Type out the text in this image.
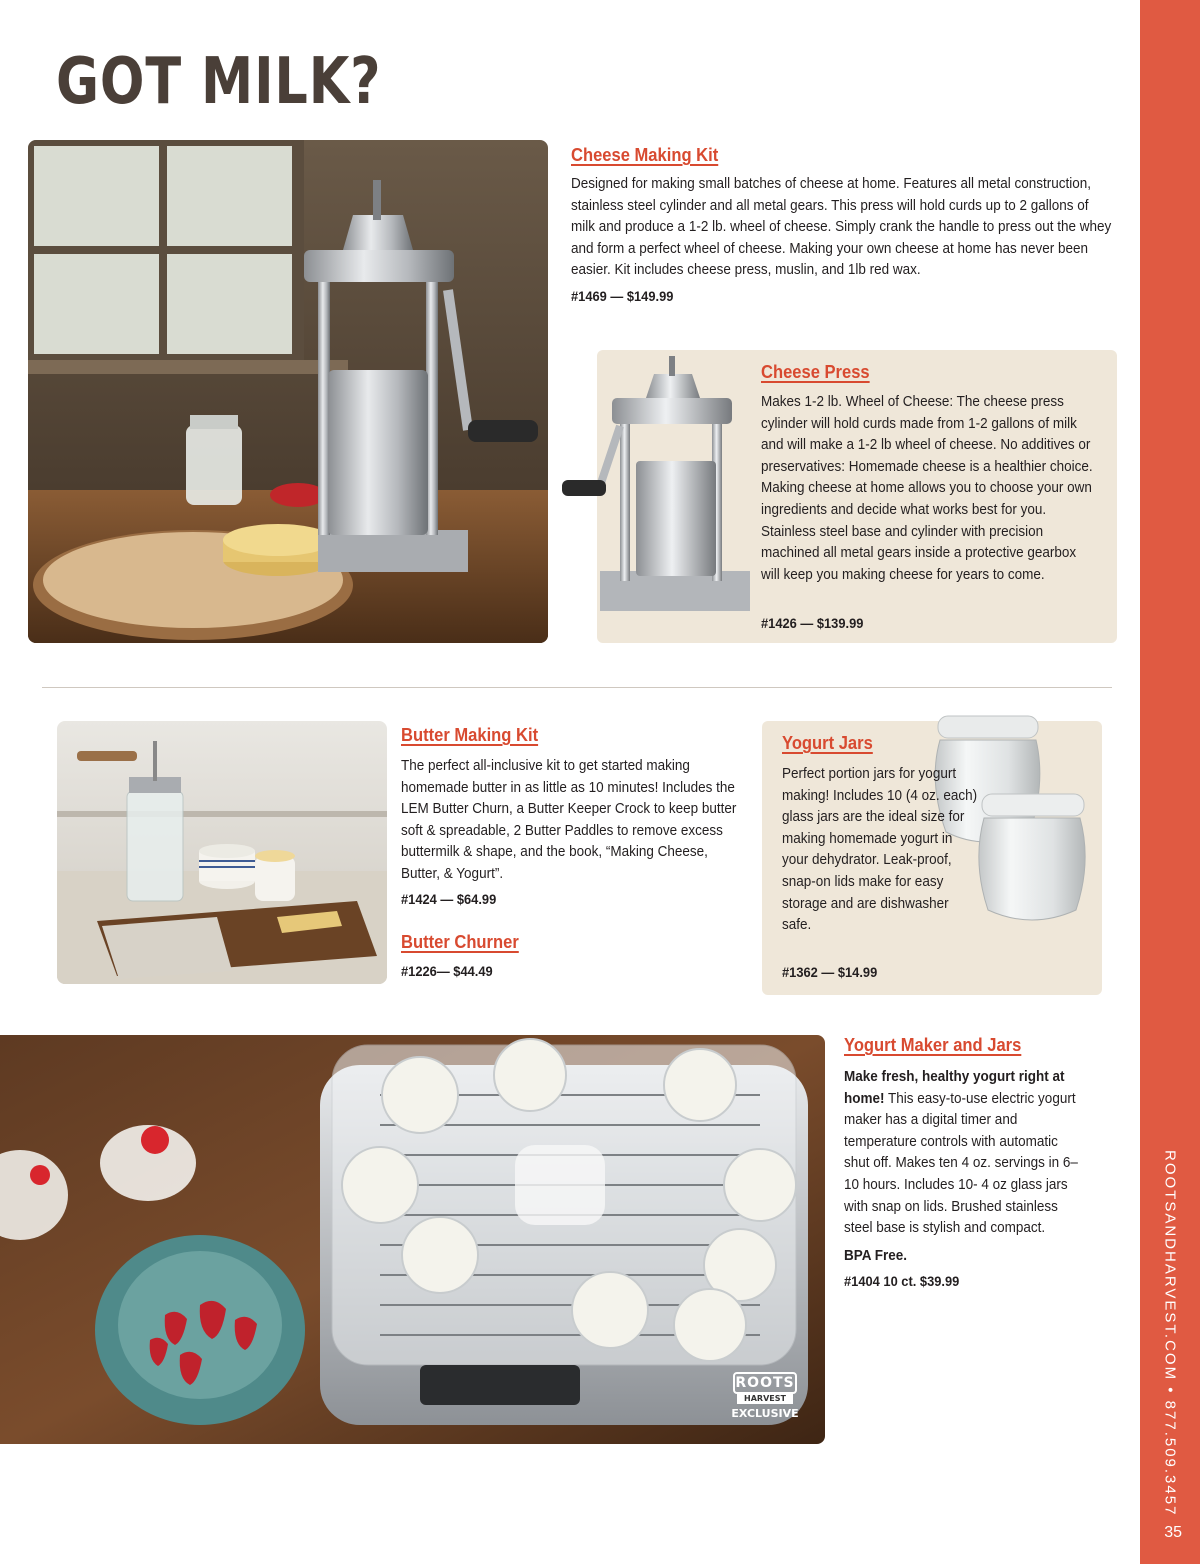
GOT MILK?
ROOTSANDHARVEST.COM • 877.509.3457
35
Cheese Making Kit
Designed for making small batches of cheese at home. Features all metal construction, stainless steel cylinder and all metal gears. This press will hold curds up to 2 gallons of milk and produce a 1-2 lb. wheel of cheese. Simply crank the handle to press out the whey and form a perfect wheel of cheese. Making your own cheese at home has never been easier. Kit includes cheese press, muslin, and 1lb red wax.
#1469 — $149.99
Cheese Press
Makes 1-2 lb. Wheel of Cheese: The cheese press cylinder will hold curds made from 1-2 gallons of milk and will make a 1-2 lb wheel of cheese. No additives or preservatives: Homemade cheese is a healthier choice. Making cheese at home allows you to choose your own ingredients and decide what works best for you. Stainless steel base and cylinder with precision machined all metal gears inside a protective gearbox will keep you making cheese for years to come.
#1426 — $139.99
Butter Making Kit
The perfect all-inclusive kit to get started making homemade butter in as little as 10 minutes! Includes the LEM Butter Churn, a Butter Keeper Crock to keep butter soft & spreadable, 2 Butter Paddles to remove excess buttermilk & shape, and the book, “Making Cheese, Butter, & Yogurt”.
#1424 — $64.99
Butter Churner
#1226— $44.49
Yogurt Jars
Perfect portion jars for yogurt making! Includes 10 (4 oz. each) glass jars are the ideal size for making homemade yogurt in your dehydrator. Leak-proof, snap-on lids make for easy storage and are dishwasher safe.
#1362 — $14.99
ROOTS
HARVEST
EXCLUSIVE
Yogurt Maker and Jars
Make fresh, healthy yogurt right at home! This easy-to-use electric yogurt maker has a digital timer and temperature controls with automatic shut off. Makes ten 4 oz. servings in 6–10 hours. Includes 10- 4 oz glass jars with snap on lids. Brushed stainless steel base is stylish and compact.
BPA Free.
#1404 10 ct. $39.99
